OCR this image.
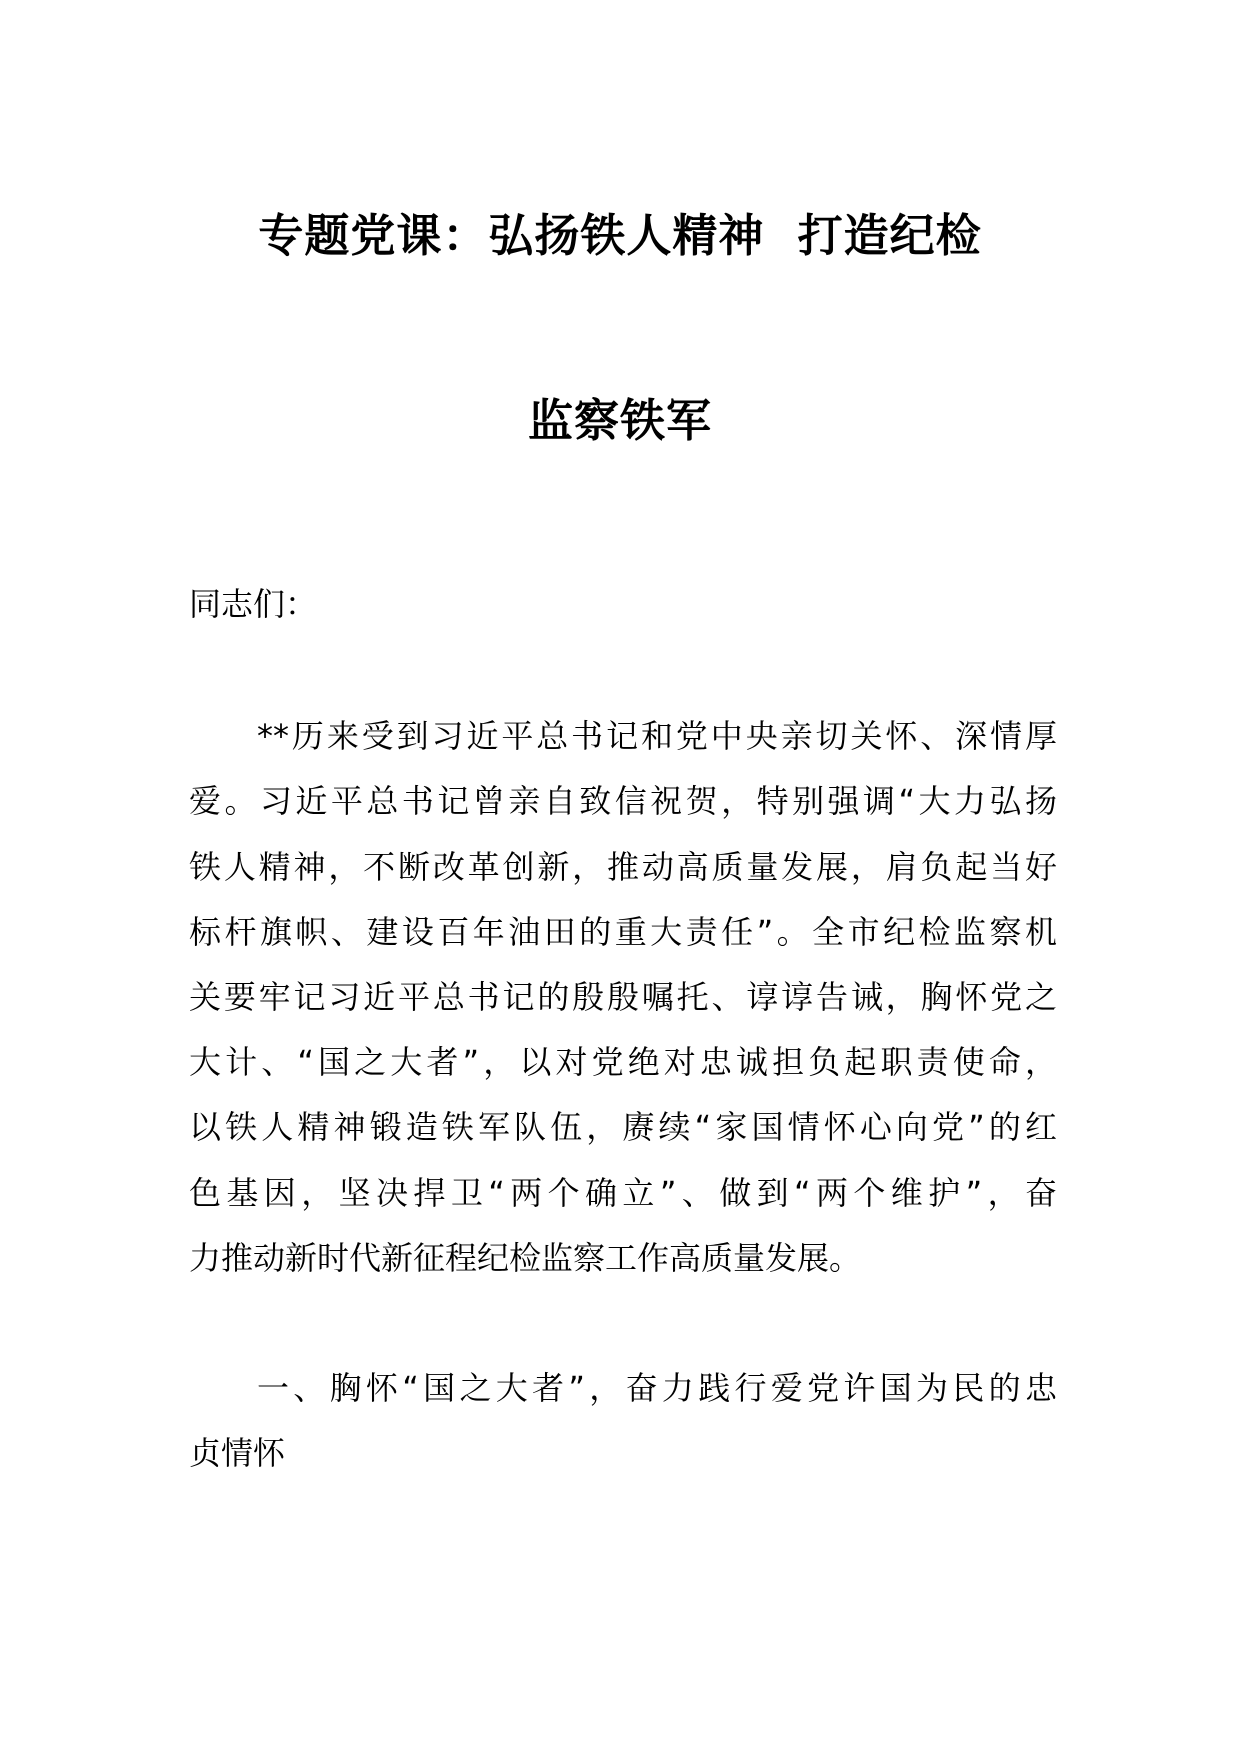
专题党课：弘扬铁人精神  打造纪检
监察铁军
同志们：
**历来受到习近平总书记和党中央亲切关怀、深情厚
爱。习近平总书记曾亲自致信祝贺，特别强调“大力弘扬
铁人精神，不断改革创新，推动高质量发展，肩负起当好
标杆旗帜、建设百年油田的重大责任”。全市纪检监察机
关要牢记习近平总书记的殷殷嘱托、谆谆告诫，胸怀党之
大计、“国之大者”，以对党绝对忠诚担负起职责使命，
以铁人精神锻造铁军队伍，赓续“家国情怀心向党”的红
色基因，坚决捍卫“两个确立”、做到“两个维护”，奋
力推动新时代新征程纪检监察工作高质量发展。
一、胸怀“国之大者”，奋力践行爱党许国为民的忠
贞情怀
